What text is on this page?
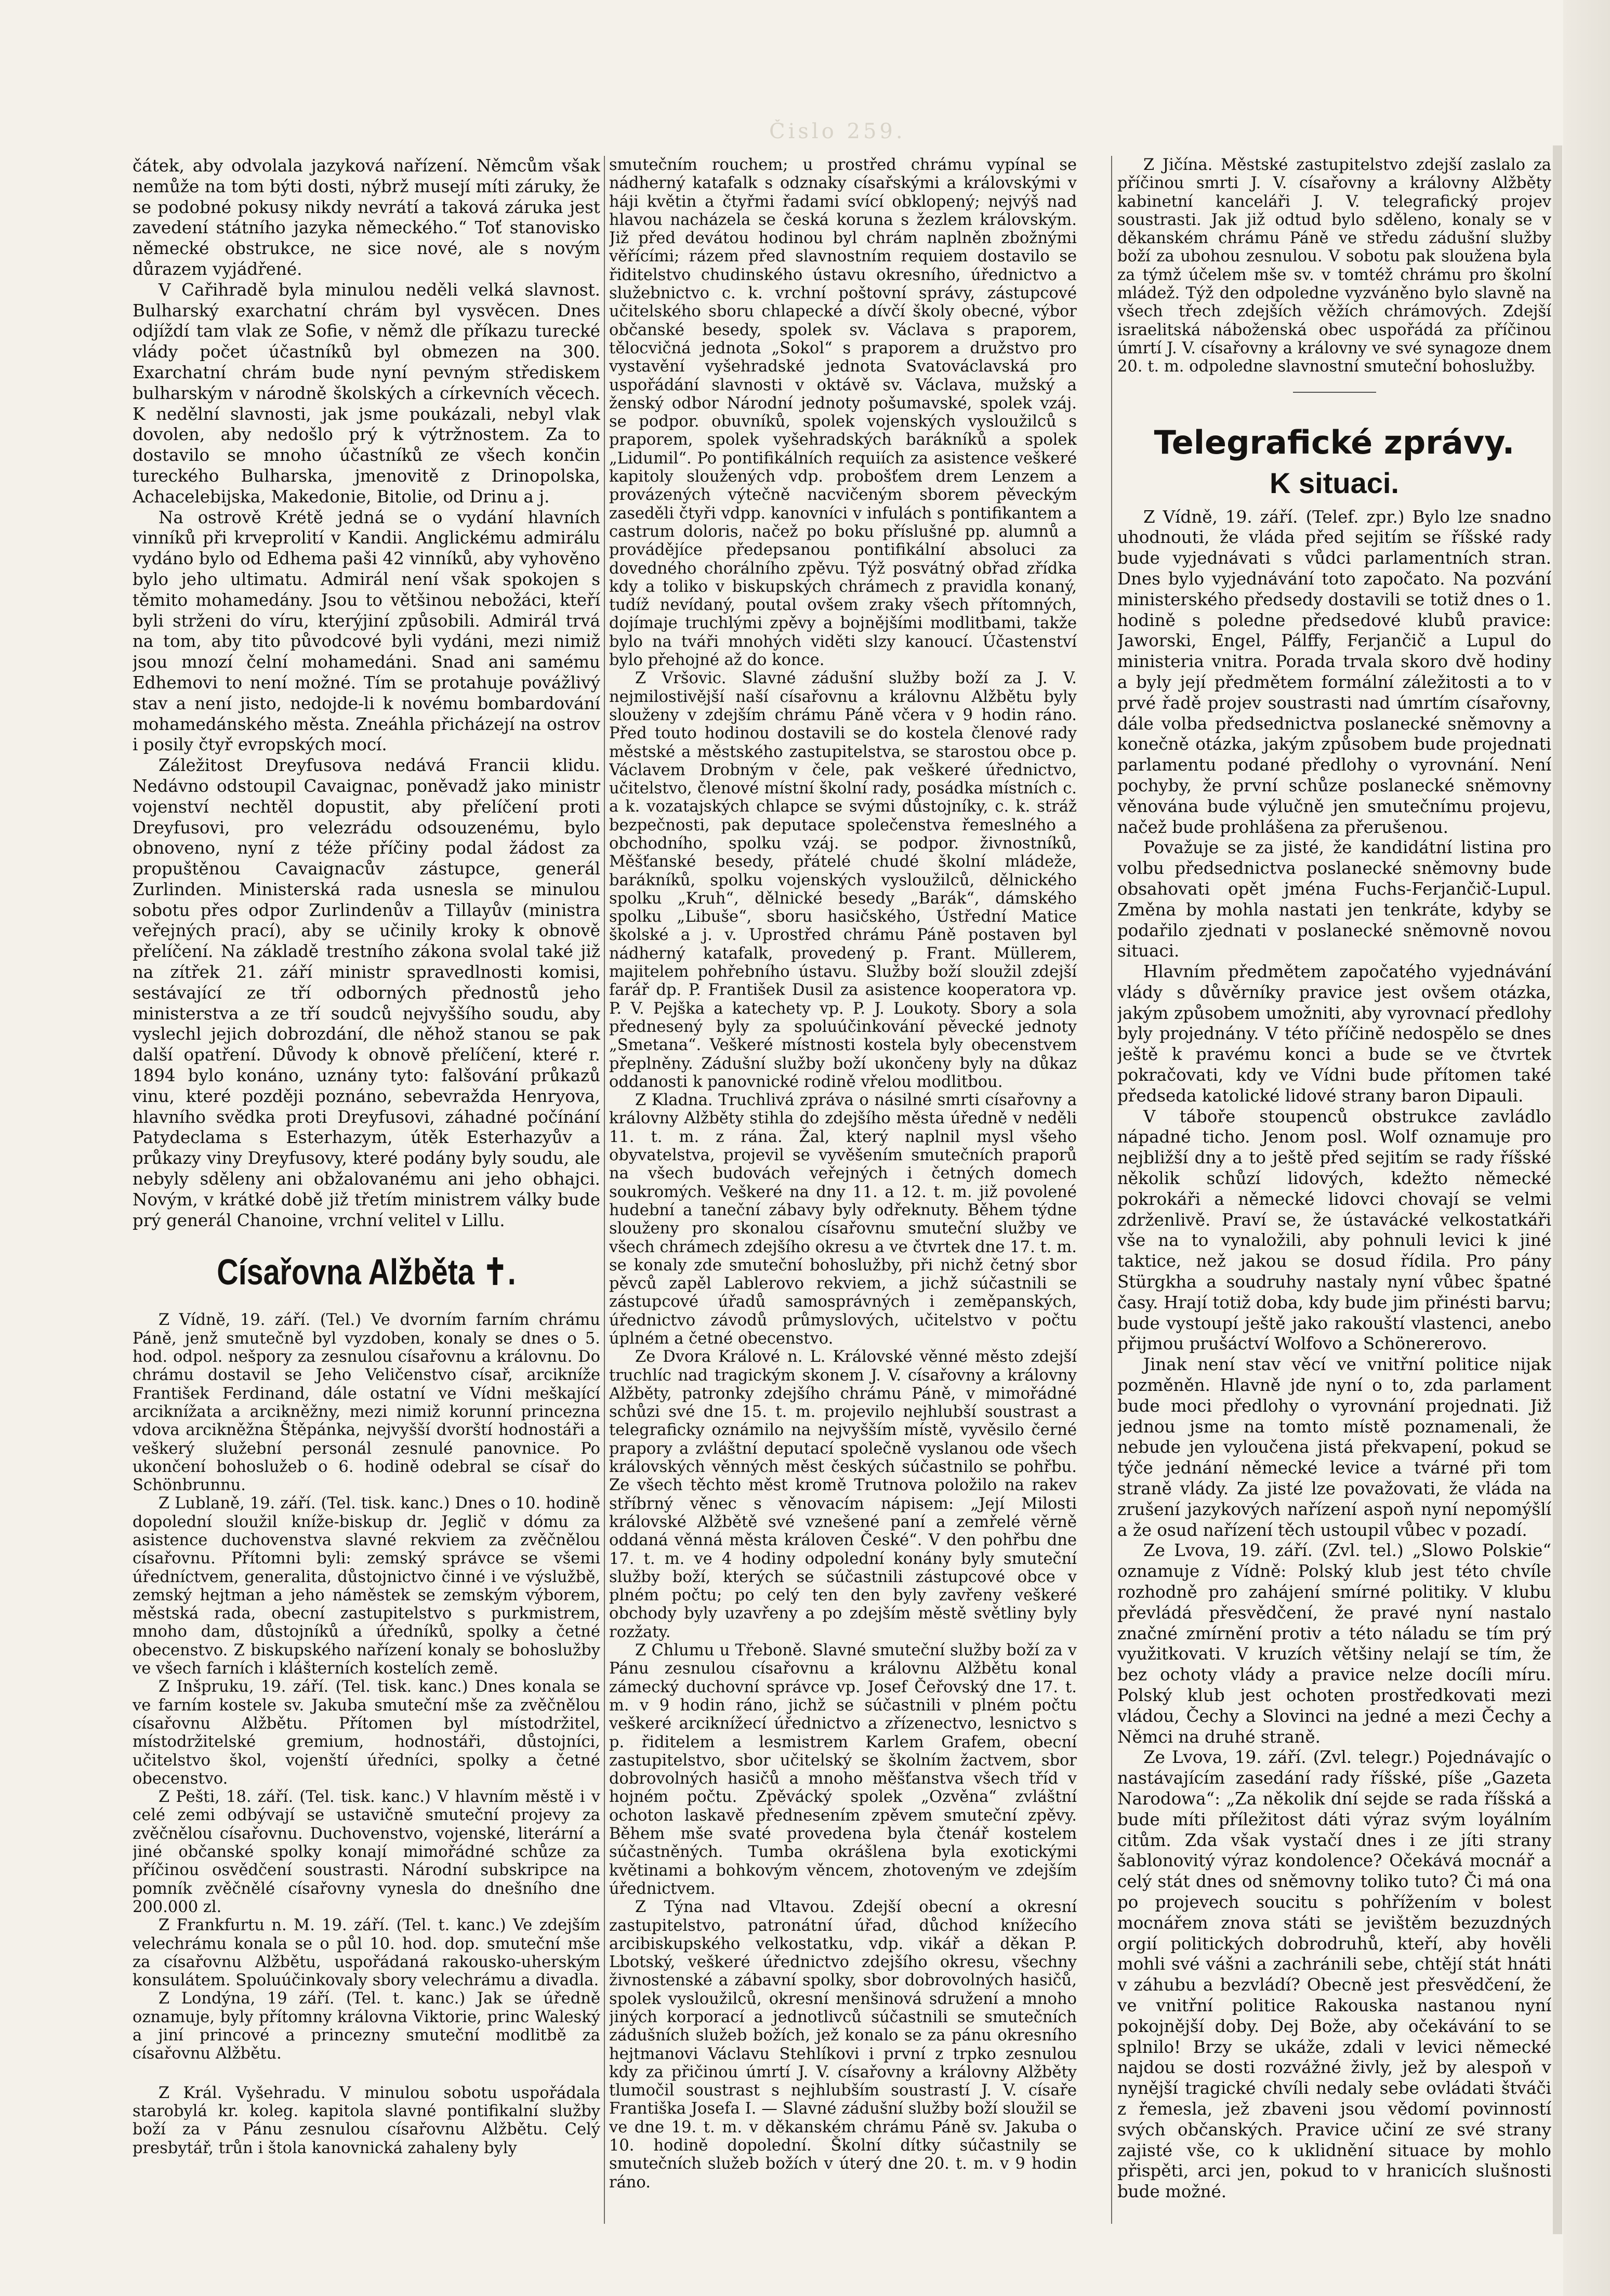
Čislo 259.

čátek, aby odvolala jazyková nařízení. Němcům však nemůže na tom býti dosti, nýbrž musejí míti záruky, že se podobné pokusy nikdy nevrátí a taková záruka jest zavedení státního jazyka německého.“ Toť stanovisko německé obstrukce, ne sice nové, ale s novým důrazem vyjádřené.

V Cařihradě byla minulou neděli velká slavnost. Bulharský exarchatní chrám byl vysvěcen. Dnes odjíždí tam vlak ze Sofie, v němž dle příkazu turecké vlády počet účastníků byl obmezen na 300. Exarchatní chrám bude nyní pevným střediskem bulharským v národně školských a církevních věcech. K nedělní slavnosti, jak jsme poukázali, nebyl vlak dovolen, aby nedošlo prý k výtržnostem. Za to dostavilo se mnoho účastníků ze všech končin tureckého Bulharska, jmenovitě z Drinopolska, Achacelebijska, Makedonie, Bitolie, od Drinu a j.

Na ostrově Krétě jedná se o vydání hlavních vinníků při krveprolití v Kandii. Anglickému admirálu vydáno bylo od Edhema paši 42 vinníků, aby vyhověno bylo jeho ultimatu. Admirál není však spokojen s těmito mohamedány. Jsou to většinou nebožáci, kteří byli strženi do víru, kterýjiní způsobili. Admirál trvá na tom, aby tito původcové byli vydáni, mezi nimiž jsou mnozí čelní mohamedáni. Snad ani samému Edhemovi to není možné. Tím se protahuje povážlivý stav a není jisto, nedojde-li k novému bombardování mohamedánského města. Zneáhla přicházejí na ostrov i posily čtyř evropských mocí.

Záležitost Dreyfusova nedává Francii klidu. Nedávno odstoupil Cavaignac, poněvadž jako ministr vojenství nechtěl dopustit, aby přelíčení proti Dreyfusovi, pro velezrádu odsouzenému, bylo obnoveno, nyní z téže příčiny podal žádost za propuštěnou Cavaignacův zástupce, generál Zurlinden. Ministerská rada usnesla se minulou sobotu přes odpor Zurlindenův a Tillayův (ministra veřejných prací), aby se učinily kroky k obnově přelíčení. Na základě trestního zákona svolal také již na zítřek 21. září ministr spravedlnosti komisi, sestávající ze tří odborných přednostů jeho ministerstva a ze tří soudců nejvyššího soudu, aby vyslechl jejich dobrozdání, dle něhož stanou se pak další opatření. Důvody k obnově přelíčení, které r. 1894 bylo konáno, uznány tyto: falšování průkazů vinu, které později poznáno, sebevražda Henryova, hlavního svědka proti Dreyfusovi, záhadné počínání Patydeclama s Esterhazym, útěk Esterhazyův a průkazy viny Dreyfusovy, které podány byly soudu, ale nebyly sděleny ani obžalovanému ani jeho obhajci. Novým, v krátké době již třetím ministrem války bude prý generál Chanoine, vrchní velitel v Lillu.

Císařovna Alžběta ✝.

Z Vídně, 19. září. (Tel.) Ve dvorním farním chrámu Páně, jenž smutečně byl vyzdoben, konaly se dnes o 5. hod. odpol. nešpory za zesnulou císařovnu a královnu. Do chrámu dostavil se Jeho Veličenstvo císař, arcikníže František Ferdinand, dále ostatní ve Vídni meškající arciknížata a arcikněžny, mezi nimiž korunní princezna vdova arcikněžna Štěpánka, nejvyšší dvorští hodnostáři a veškerý služební personál zesnulé panovnice. Po ukončení bohoslužeb o 6. hodině odebral se císař do Schönbrunnu.

Z Lublaně, 19. září. (Tel. tisk. kanc.) Dnes o 10. hodině dopolední sloužil kníže-biskup dr. Jeglič v dómu za asistence duchovenstva slavné rekviem za zvěčnělou císařovnu. Přítomni byli: zemský správce se všemi úředníctvem, generalita, důstojnictvo činné i ve výslužbě, zemský hejtman a jeho náměstek se zemským výborem, městská rada, obecní zastupitelstvo s purkmistrem, mnoho dam, důstojníků a úředníků, spolky a četné obecenstvo. Z biskupského nařízení konaly se bohoslužby ve všech farních i klášterních kostelích země.

Z Inšpruku, 19. září. (Tel. tisk. kanc.) Dnes konala se ve farním kostele sv. Jakuba smuteční mše za zvěčnělou císařovnu Alžbětu. Přítomen byl místodržitel, místodržitelské gremium, hodnostáři, důstojníci, učitelstvo škol, vojenští úředníci, spolky a četné obecenstvo.

Z Pešti, 18. září. (Tel. tisk. kanc.) V hlavním městě i v celé zemi odbývají se ustavičně smuteční projevy za zvěčnělou císařovnu. Duchovenstvo, vojenské, literární a jiné občanské spolky konají mimořádné schůze za příčinou osvědčení soustrasti. Národní subskripce na pomník zvěčnělé císařovny vynesla do dnešního dne 200.000 zl.

Z Frankfurtu n. M. 19. září. (Tel. t. kanc.) Ve zdejším velechrámu konala se o půl 10. hod. dop. smuteční mše za císařovnu Alžbětu, uspořádaná rakousko-uherským konsulátem. Spoluúčinkovaly sbory velechrámu a divadla.

Z Londýna, 19 září. (Tel. t. kanc.) Jak se úředně oznamuje, byly přítomny královna Viktorie, princ Waleský a jiní princové a princezny smuteční modlitbě za císařovnu Alžbětu.

Z Král. Vyšehradu. V minulou sobotu uspořádala starobylá kr. koleg. kapitola slavné pontifikalní služby boží za v Pánu zesnulou císařovnu Alžbětu. Celý presbytář, trůn i štola kanovnická zahaleny byly

smutečním rouchem; u prostřed chrámu vypínal se nádherný katafalk s odznaky císařskými a královskými v háji květin a čtyřmi řadami svící obklopený; nejvýš nad hlavou nacházela se česká koruna s žezlem královským. Již před devátou hodinou byl chrám naplněn zbožnými věřícími; rázem před slavnostním requiem dostavilo se řiditelstvo chudinského ústavu okresního, úřednictvo a služebnictvo c. k. vrchní poštovní správy, zástupcové učitelského sboru chlapecké a dívčí školy obecné, výbor občanské besedy, spolek sv. Václava s praporem, tělocvičná jednota „Sokol“ s praporem a družstvo pro vystavění vyšehradské jednota Svatováclavská pro uspořádání slavnosti v oktávě sv. Václava, mužský a ženský odbor Národní jednoty pošumavské, spolek vzáj. se podpor. obuvníků, spolek vojenských vysloužilců s praporem, spolek vyšehradských barákníků a spolek „Lidumil“. Po pontifikálních requiích za asistence veškeré kapitoly sloužených vdp. probošťem drem Lenzem a provázených výtečně nacvičeným sborem pěveckým zaseděli čtyři vdpp. kanovníci v infulách s pontifikantem a castrum doloris, načež po boku příslušné pp. alumnů a provádějíce předepsanou pontifikální absoluci za dovedného chorálního zpěvu. Týž posvátný obřad zřídka kdy a toliko v biskupských chrámech z pravidla konaný, tudíž nevídaný, poutal ovšem zraky všech přítomných, dojímaje truchlými zpěvy a bojnějšími modlitbami, takže bylo na tváři mnohých viděti slzy kanoucí. Účastenství bylo přehojné až do konce.

Z Vršovic. Slavné zádušní služby boží za J. V. nejmilostivější naší císařovnu a královnu Alžbětu byly slouženy v zdejším chrámu Páně včera v 9 hodin ráno. Před touto hodinou dostavili se do kostela členové rady městské a městského zastupitelstva, se starostou obce p. Václavem Drobným v čele, pak veškeré úřednictvo, učitelstvo, členové místní školní rady, posádka místních c. a k. vozatajských chlapce se svými důstojníky, c. k. stráž bezpečnosti, pak deputace společenstva řemeslného a obchodního, spolku vzáj. se podpor. živnostníků, Měšťanské besedy, přátelé chudé školní mládeže, barákníků, spolku vojenských vysloužilců, dělnického spolku „Kruh“, dělnické besedy „Barák“, dámského spolku „Libuše“, sboru hasičského, Ústřední Matice školské a j. v. Uprostřed chrámu Páně postaven byl nádherný katafalk, provedený p. Frant. Müllerem, majitelem pohřebního ústavu. Služby boží sloužil zdejší farář dp. P. František Dusil za asistence kooperatora vp. P. V. Pejška a katechety vp. P. J. Loukoty. Sbory a sola přednesený byly za spoluúčinkování pěvecké jednoty „Smetana“. Veškeré místnosti kostela byly obecenstvem přeplněny. Zádušní služby boží ukončeny byly na důkaz oddanosti k panovnické rodině vřelou modlitbou.

Z Kladna. Truchlivá zpráva o násilné smrti císařovny a královny Alžběty stihla do zdejšího města úředně v neděli 11. t. m. z rána. Žal, který naplnil mysl všeho obyvatelstva, projevil se vyvěšením smutečních praporů na všech budovách veřejných i četných domech soukromých. Veškeré na dny 11. a 12. t. m. již povolené hudební a taneční zábavy byly odřeknuty. Během týdne slouženy pro skonalou císařovnu smuteční služby ve všech chrámech zdejšího okresu a ve čtvrtek dne 17. t. m. se konaly zde smuteční bohoslužby, při nichž četný sbor pěvců zapěl Lablerovo rekviem, a jichž súčastnili se zástupcové úřadů samosprávných i zeměpanských, úřednictvo závodů průmyslových, učitelstvo v počtu úplném a četné obecenstvo.

Ze Dvora Králové n. L. Královské věnné město zdejší truchlíc nad tragickým skonem J. V. císařovny a královny Alžběty, patronky zdejšího chrámu Páně, v mimořádné schůzi své dne 15. t. m. projevilo nejhlubší soustrast a telegraficky oznámilo na nejvyšším místě, vyvěsilo černé prapory a zvláštní deputací společně vyslanou ode všech královských věnných měst českých súčastnilo se pohřbu. Ze všech těchto měst kromě Trutnova položilo na rakev stříbrný věnec s věnovacím nápisem: „Její Milosti královské Alžbětě své vznešené paní a zemřelé věrně oddaná věnná města královen České“. V den pohřbu dne 17. t. m. ve 4 hodiny odpolední konány byly smuteční služby boží, kterých se súčastnili zástupcové obce v plném počtu; po celý ten den byly zavřeny veškeré obchody byly uzavřeny a po zdejším městě světliny byly rozžaty.

Z Chlumu u Třeboně. Slavné smuteční služby boží za v Pánu zesnulou císařovnu a královnu Alžbětu konal zámecký duchovní správce vp. Josef Čeřovský dne 17. t. m. v 9 hodin ráno, jichž se súčastnili v plném počtu veškeré arciknížecí úřednictvo a zřízenectvo, lesnictvo s p. řiditelem a lesmistrem Karlem Grafem, obecní zastupitelstvo, sbor učitelský se školním žactvem, sbor dobrovolných hasičů a mnoho měšťanstva všech tříd v hojném počtu. Zpěvácký spolek „Ozvěna“ zvláštní ochoton laskavě přednesením zpěvem smuteční zpěvy. Během mše svaté provedena byla čtenář kostelem súčastněných. Tumba okrášlena byla exotickými květinami a bohkovým věncem, zhotoveným ve zdejším úřednictvem.

Z Týna nad Vltavou. Zdejší obecní a okresní zastupitelstvo, patronátní úřad, důchod knížecího arcibiskupského velkostatku, vdp. vikář a děkan P. Lbotský, veškeré úřednictvo zdejšího okresu, všechny živnostenské a zábavní spolky, sbor dobrovolných hasičů, spolek vysloužilců, okresní menšinová sdružení a mnoho jiných korporací a jednotlivců súčastnili se smutečních zádušních služeb božích, jež konalo se za pánu okresního hejtmanovi Václavu Stehlíkovi i první z trpko zesnulou kdy za přičinou úmrtí J. V. císařovny a královny Alžběty tlumočil soustrast s nejhlubším soustrastí J. V. císaře Františka Josefa I. — Slavné zádušní služby boží sloužil se ve dne 19. t. m. v děkanském chrámu Páně sv. Jakuba o 10. hodině dopolední. Školní dítky súčastnily se smutečních služeb božích v úterý dne 20. t. m. v 9 hodin ráno.

Z Jičína. Městské zastupitelstvo zdejší zaslalo za příčinou smrti J. V. císařovny a královny Alžběty kabinetní kanceláři J. V. telegrafický projev soustrasti. Jak již odtud bylo sděleno, konaly se v děkanském chrámu Páně ve středu zádušní služby boží za ubohou zesnulou. V sobotu pak sloužena byla za týmž účelem mše sv. v tomtéž chrámu pro školní mládež. Týž den odpoledne vyzváněno bylo slavně na všech třech zdejších věžích chrámových. Zdejší israelitská náboženská obec uspořádá za příčinou úmrtí J. V. císařovny a královny ve své synagoze dnem 20. t. m. odpoledne slavnostní smuteční bohoslužby.

Telegrafické zprávy.
K situaci.

Z Vídně, 19. září. (Telef. zpr.) Bylo lze snadno uhodnouti, že vláda před sejitím se říšské rady bude vyjednávati s vůdci parlamentních stran. Dnes bylo vyjednávání toto započato. Na pozvání ministerského předsedy dostavili se totiž dnes o 1. hodině s poledne předsedové klubů pravice: Jaworski, Engel, Pálffy, Ferjančič a Lupul do ministeria vnitra. Porada trvala skoro dvě hodiny a byly její předmětem formální záležitosti a to v prvé řadě projev soustrasti nad úmrtím císařovny, dále volba předsednictva poslanecké sněmovny a konečně otázka, jakým způsobem bude projednati parlamentu podané předlohy o vyrovnání. Není pochyby, že první schůze poslanecké sněmovny věnována bude výlučně jen smutečnímu projevu, načež bude prohlášena za přerušenou.

Považuje se za jisté, že kandidátní listina pro volbu předsednictva poslanecké sněmovny bude obsahovati opět jména Fuchs-Ferjančič-Lupul. Změna by mohla nastati jen tenkráte, kdyby se podařilo zjednati v poslanecké sněmovně novou situaci.

Hlavním předmětem započatého vyjednávání vlády s důvěrníky pravice jest ovšem otázka, jakým způsobem umožniti, aby vyrovnací předlohy byly projednány. V této příčině nedospělo se dnes ještě k pravému konci a bude se ve čtvrtek pokračovati, kdy ve Vídni bude přítomen také předseda katolické lidové strany baron Dipauli.

V táboře stoupenců obstrukce zavládlo nápadné ticho. Jenom posl. Wolf oznamuje pro nejbližší dny a to ještě před sejitím se rady říšské několik schůzí lidových, kdežto německé pokrokáři a německé lidovci chovají se velmi zdrženlivě. Praví se, že ústavácké velkostatkáři vše na to vynaložili, aby pohnuli levici k jiné taktice, než jakou se dosud řídila. Pro pány Stürgkha a soudruhy nastaly nyní vůbec špatné časy. Hrají totiž doba, kdy bude jim přinésti barvu; bude vystoupí ještě jako rakouští vlastenci, anebo přijmou prušáctví Wolfovo a Schönererovo.

Jinak není stav věcí ve vnitřní politice nijak pozměněn. Hlavně jde nyní o to, zda parlament bude moci předlohy o vyrovnání projednati. Již jednou jsme na tomto místě poznamenali, že nebude jen vyloučena jistá překvapení, pokud se týče jednání německé levice a tvárné při tom straně vlády. Za jisté lze považovati, že vláda na zrušení jazykových nařízení aspoň nyní nepomýšlí a že osud nařízení těch ustoupil vůbec v pozadí.

Ze Lvova, 19. září. (Zvl. tel.) „Slowo Polskie“ oznamuje z Vídně: Polský klub jest této chvíle rozhodně pro zahájení smírné politiky. V klubu převládá přesvědčení, že pravé nyní nastalo značné zmírnění protiv a této náladu se tím prý využitkovati. V kruzích většiny nelají se tím, že bez ochoty vlády a pravice nelze docíli míru. Polský klub jest ochoten prostředkovati mezi vládou, Čechy a Slovinci na jedné a mezi Čechy a Němci na druhé straně.

Ze Lvova, 19. září. (Zvl. telegr.) Pojednávajíc o nastávajícím zasedání rady říšské, píše „Gazeta Narodowa“: „Za několik dní sejde se rada říšská a bude míti příležitost dáti výraz svým loyálním citům. Zda však vystačí dnes i ze jíti strany šablonovitý výraz kondolence? Očekává mocnář a celý stát dnes od sněmovny toliko tuto? Či má ona po projevech soucitu s pohřížením v bolest mocnářem znova státi se jevištěm bezuzdných orgií politických dobrodruhů, kteří, aby hověli mohli své vášni a zachránili sebe, chtějí stát hnáti v záhubu a bezvládí? Obecně jest přesvědčení, že ve vnitřní politice Rakouska nastanou nyní pokojnější doby. Dej Bože, aby očekávání to se splnilo! Brzy se ukáže, zdali v levici německé najdou se dosti rozvážné živly, jež by alespoň v nynější tragické chvíli nedaly sebe ovládati štváči z řemesla, jež zbaveni jsou vědomí povinností svých občanských. Pravice učiní ze své strany zajisté vše, co k uklidnění situace by mohlo přispěti, arci jen, pokud to v hranicích slušnosti bude možné.
